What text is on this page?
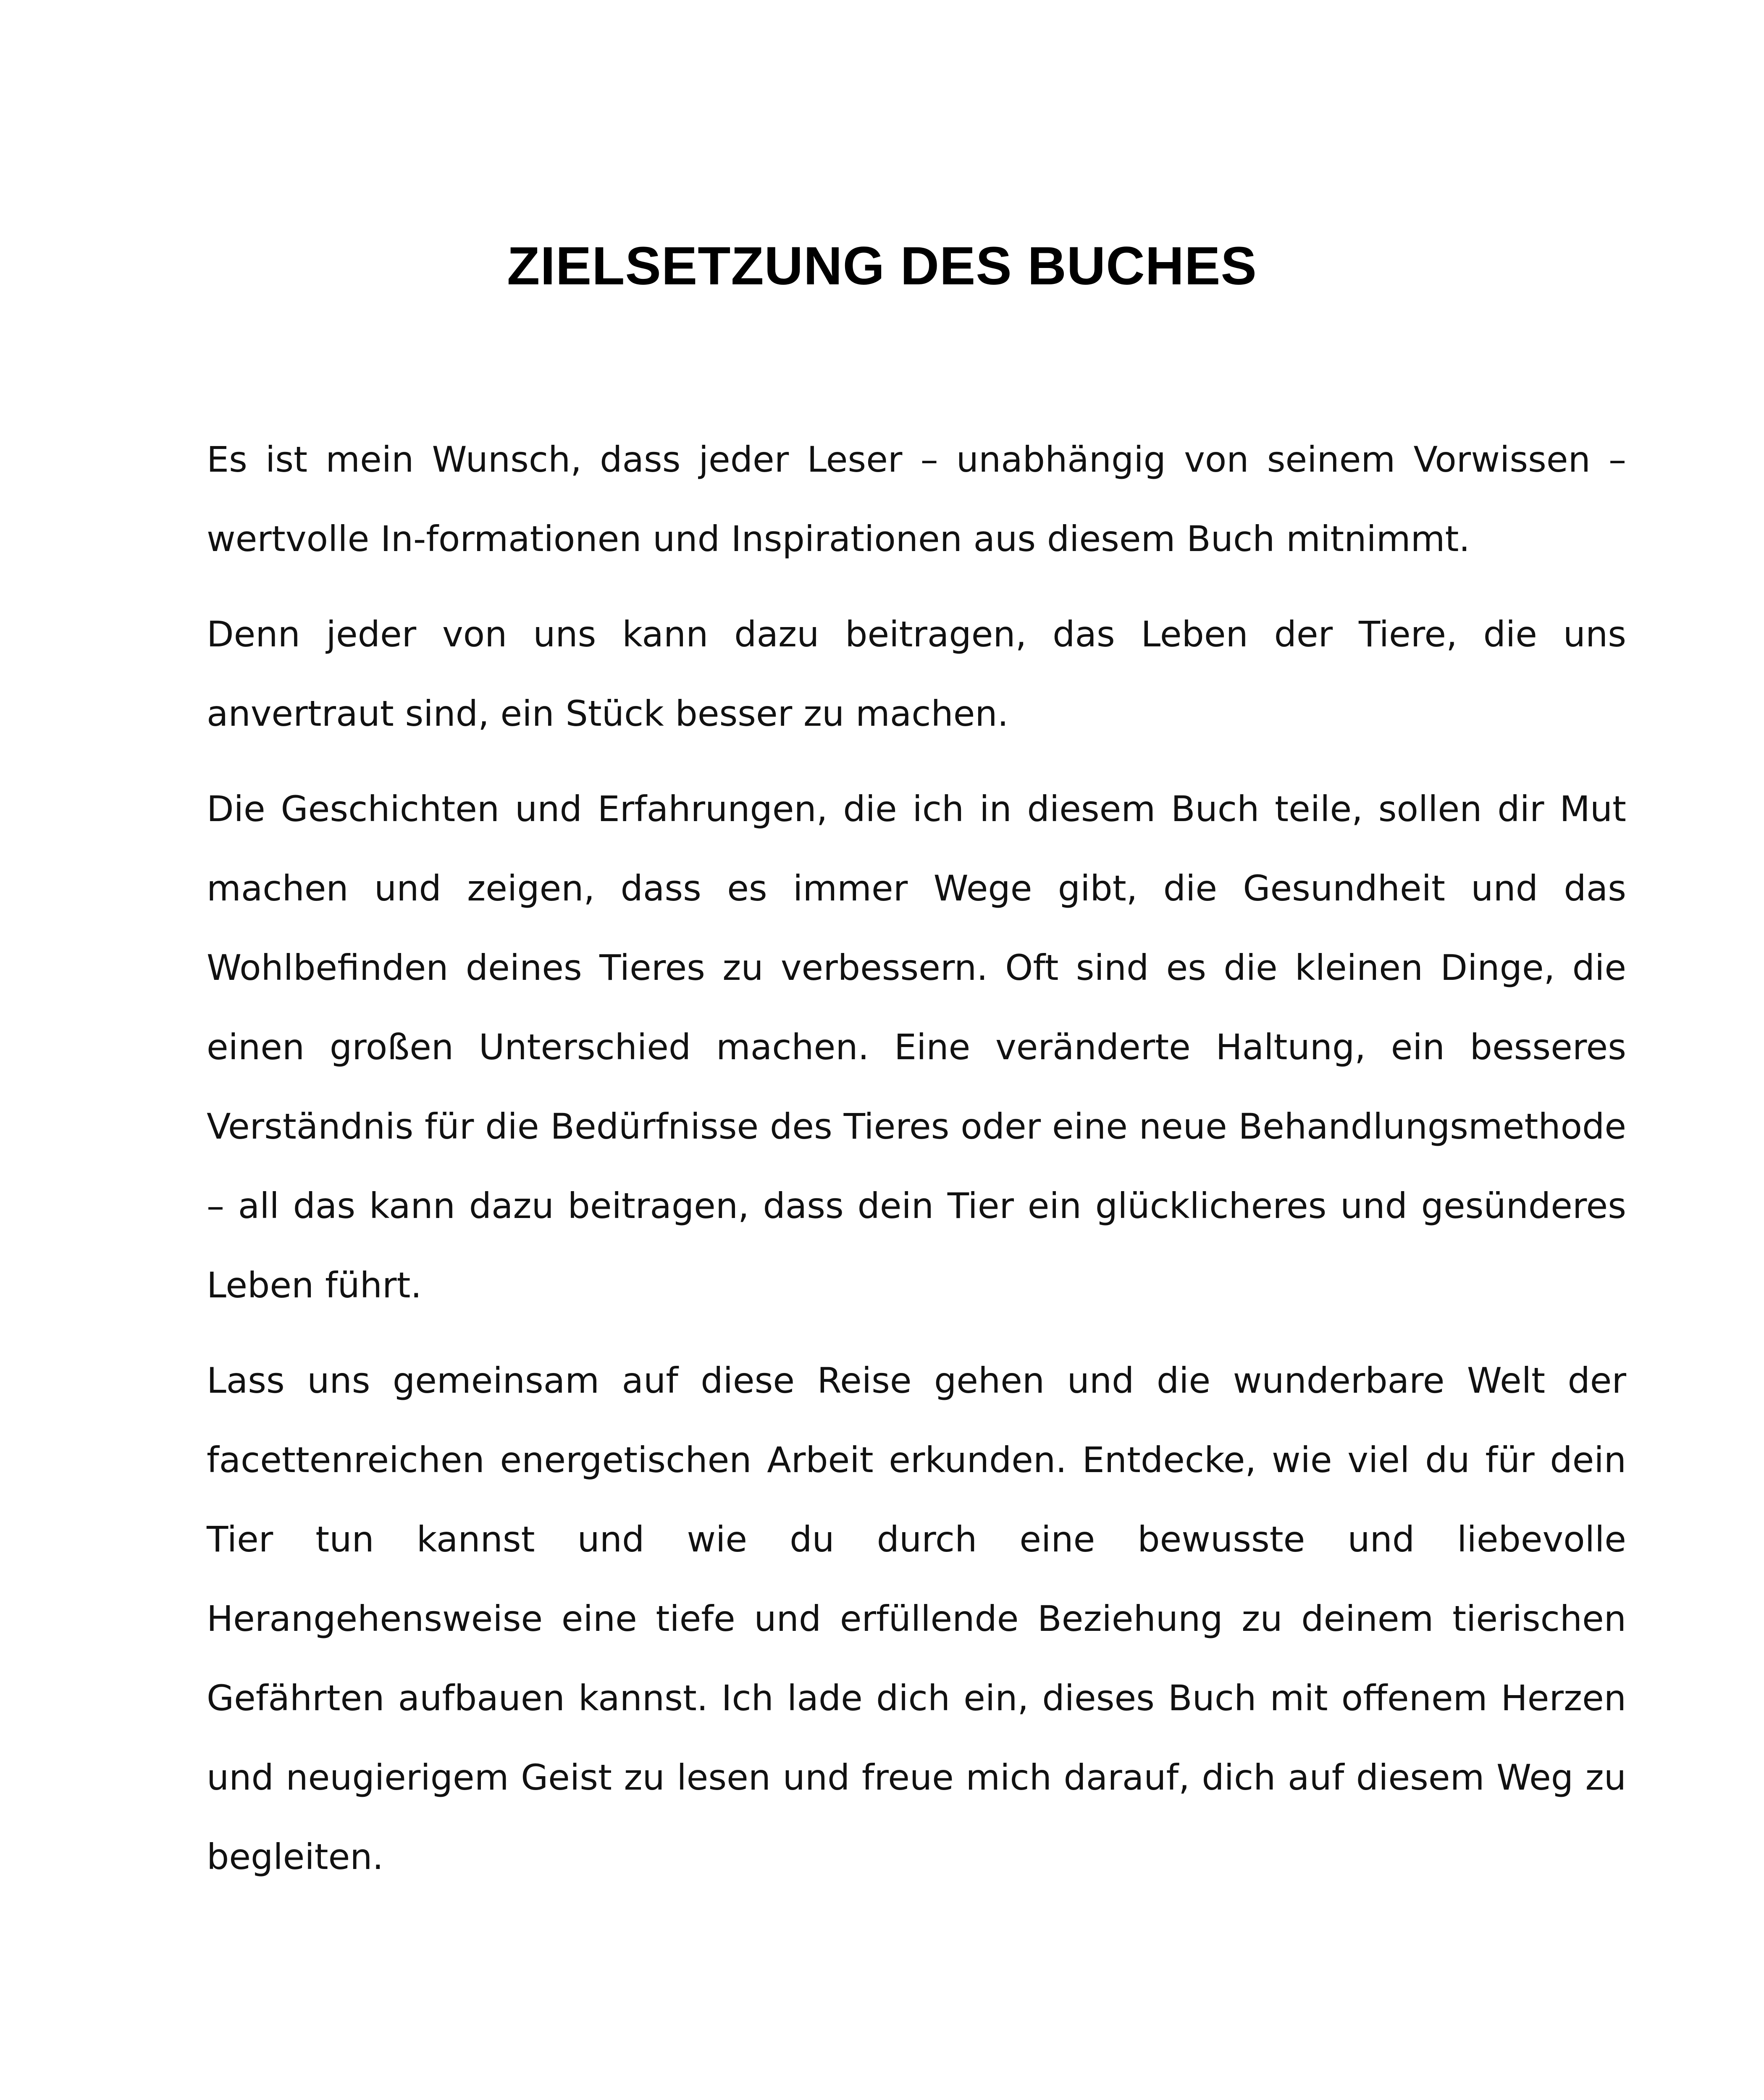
ZIELSETZUNG DES BUCHES

Es ist mein Wunsch, dass jeder Leser – unabhängig von seinem Vorwissen – wertvolle In-formationen und Inspirationen aus diesem Buch mitnimmt.

Denn jeder von uns kann dazu beitragen, das Leben der Tiere, die uns anvertraut sind, ein Stück besser zu machen.

Die Geschichten und Erfahrungen, die ich in diesem Buch teile, sollen dir Mut machen und zeigen, dass es immer Wege gibt, die Gesundheit und das Wohlbefinden deines Tieres zu verbessern. Oft sind es die kleinen Dinge, die einen großen Unterschied machen. Eine veränderte Haltung, ein besseres Verständnis für die Bedürfnisse des Tieres oder eine neue Behandlungsmethode – all das kann dazu beitragen, dass dein Tier ein glücklicheres und gesünderes Leben führt.

Lass uns gemeinsam auf diese Reise gehen und die wunderbare Welt der facettenreichen energetischen Arbeit erkunden. Entdecke, wie viel du für dein Tier tun kannst und wie du durch eine bewusste und liebevolle Herangehensweise eine tiefe und erfüllende Beziehung zu deinem tierischen Gefährten aufbauen kannst. Ich lade dich ein, dieses Buch mit offenem Herzen und neugierigem Geist zu lesen und freue mich darauf, dich auf diesem Weg zu begleiten.
